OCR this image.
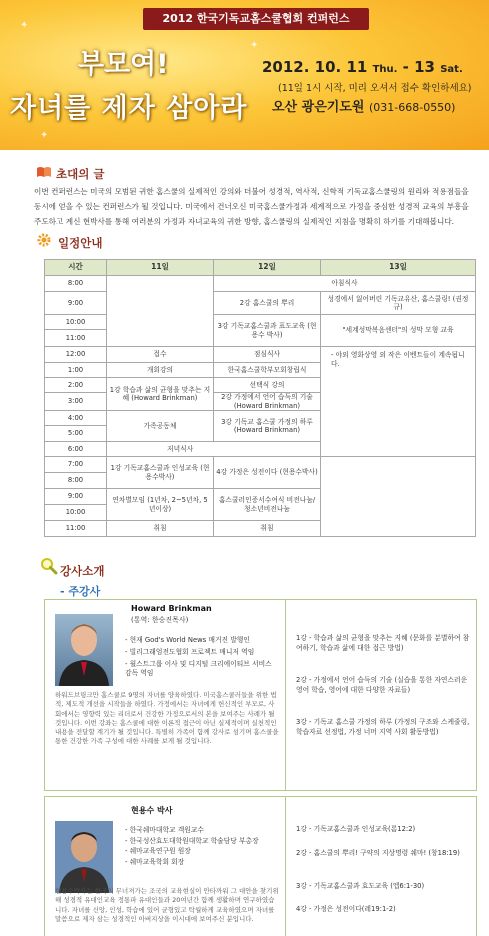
✦
✦
✦
2012 한국기독교홈스쿨협회 컨퍼런스
부모여!
자녀를 제자 삼아라
2012. 10. 11 Thu. - 13 Sat.
(11일 1시 시작, 미리 오셔서 접수 확인하세요)
오산 광은기도원 (031-668-0550)
초대의 글
이번 컨퍼런스는 미국의 모범된 귀한 홈스쿨의 실제적인 강의와 더불어 성경적, 역사적, 신학적 기독교홈스쿨링의 원리와 적용점들을 동시에 얻을 수 있는 컨퍼런스가 될 것입니다. 미국에서 건너오신 미국홈스쿨가정과 세계적으로 가정을 중심한 성경적 교육의 부흥을 주도하고 계신 현박사를 통해 여러분의 가정과 자녀교육의 귀한 방향, 홈스쿨링의 실제적인 지침을 명확히 하기를 기대해봅니다.
일정안내
시간	11일	12일	13일
8:00		아침식사	
9:00		2강 홈스쿨의 뿌리	성경에서 잃어버린 기독교유산, 홈스쿨링! (권정규)
10:00		3강 기독교홈스쿨과 표도교육 (현용수 박사)	"세계성막복음센터"의 성막 모형 교육
11:00			
12:00	접수	점심식사	- 야외 영화상영 외 작은 이벤트들이 계속됩니다.
1:00	개회강의	한국홈스쿨학부모회창립식	
2:00	1강 학습과 삶의 균형을 맞추는 지혜 (Howard Brinkman)	선택식 강의	
3:00		2강 가정에서 언어 습득의 기술 (Howard Brinkman)	
4:00	가족공동체	3강 기독교 홈스쿨 가정의 하루 (Howard Brinkman)	
5:00			
6:00	저녁식사		
7:00	1강 기독교홈스쿨과 인성교육 (현용수박사)	4강 가정은 성전이다 (현용수박사)	
8:00			
9:00	연차별모임 (1년차, 2~5년차, 5년이상)	홈스쿨러인증서수여식 비전나눔/청소년비전나눔	
10:00			
11:00	취침	취침	
강사소개
- 주강사
Howard Brinkman
(통역: 한승진목사)
- 현재 God's World News 매거진 발행인
- 빌리그래엄전도협회 프로젝트 매니저 역임
- 월스트그룹 이사 및 디지털 크리에이티브 서비스 감독 역임
하워드브링크만 홈스쿨로 9명의 자녀를 양육하였다. 미국홈스쿨러들을 위한 법적, 제도적 개선을 시작들을 하였다. 가정에서는 자녀에게 헌신적인 부모로, 사회에서는 영향력 있는 리더로서 건강한 가정으로서의 본을 보여주는 사례가 될 것입니다. 이번 강좌는 홈스쿨에 대한 이론적 접근이 아닌 실제적이며 실천적인 내용을 전달할 계기가 될 것입니다. 특별히 가족이 함께 강사로 섬기며 홈스쿨을 통한 건강한 가족 구성에 대한 사례를 보게 될 것입니다.
1강 - 학습과 삶의 균형을 맞추는 지혜 (문화를 분별하여 참여하기, 학습과 삶에 대한 접근 방법)
2강 - 가정에서 언어 습득의 기술 (실습을 통한 자연스러운 영어 학습, 영어에 대한 다양한 자료들)
3강 - 기독교 홈스쿨 가정의 하루 (가정의 구조와 스케줄링, 학습자료 선정법, 가정 너머 지역 사회 활동방법)
현용수 박사
- 한국쉐마대학교 객원교수
- 한국성산효도대학원대학교 학술담당 부총장
- 쉐마교육연구원 원장
- 쉐마교육학회 회장
현용수박사는 한국의 무너져가는 조국의 교육현실이 안타까워 그 대안을 찾기위해 성경적 유대인교육 정통파 유대인들과 20여년간 함께 생활하며 연구하였습니다. 자녀를 신앙, 인성, 학습에 있어 균형있고 탁월하게 교육하였으며 자녀를 말씀으로 제자 삼는 성경적인 아버지상을 이시대에 보여주신 분입니다.
1강 - 기독교홈스쿨과 인성교육(롬12:2)
2강 - 홈스쿨의 뿌리! 구약의 지상명령 쉐마! (창18:19)
3강 - 기독교홈스쿨과 효도교육 (엡6:1-30)
4강 - 가정은 성전이다(레19:1-2)
